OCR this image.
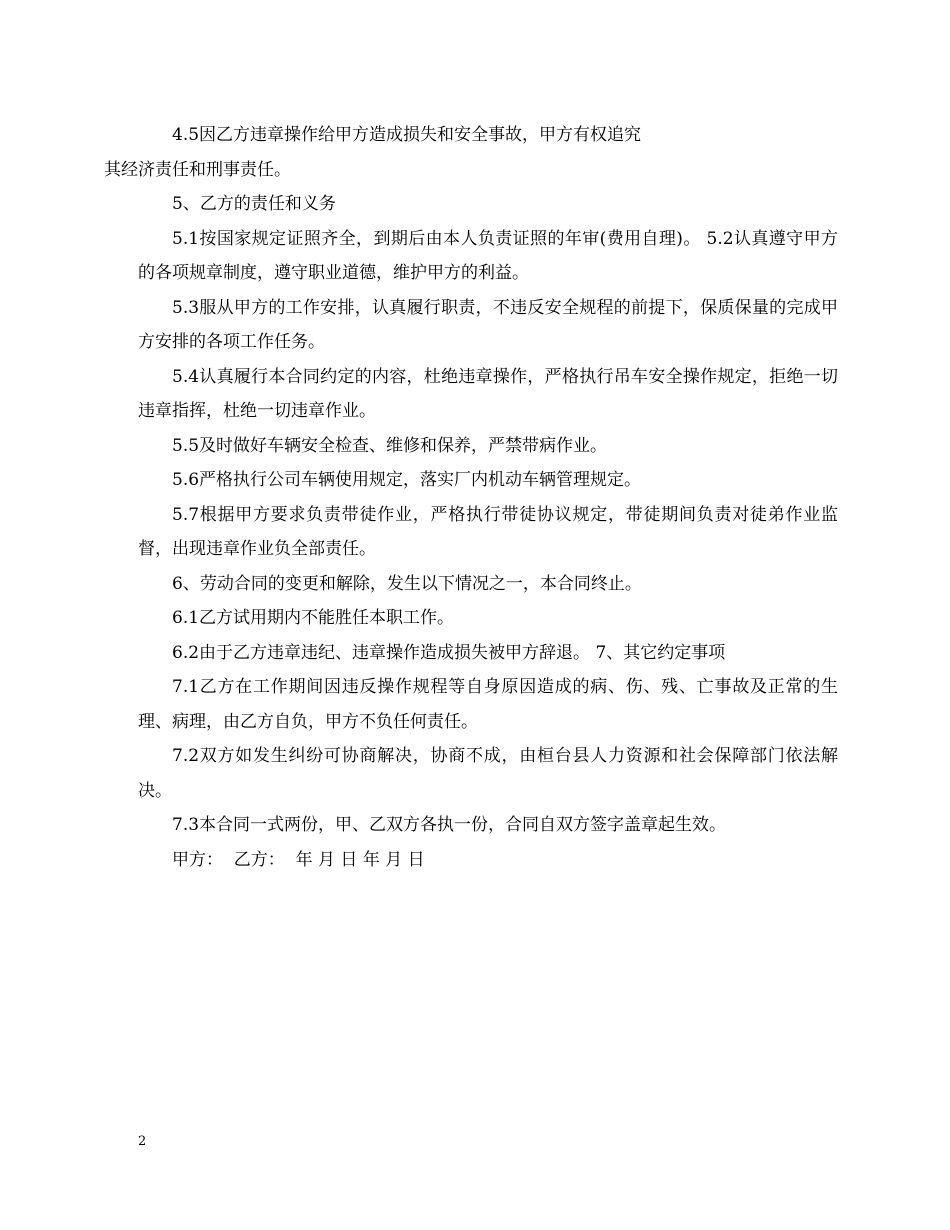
4.5因乙方违章操作给甲方造成损失和安全事故，甲方有权追究
其经济责任和刑事责任。

5、乙方的责任和义务

5.1按国家规定证照齐全，到期后由本人负责证照的年审(费用自理)。 5.2认真遵守甲方的各项规章制度，遵守职业道德，维护甲方的利益。

5.3服从甲方的工作安排，认真履行职责，不违反安全规程的前提下，保质保量的完成甲方安排的各项工作任务。

5.4认真履行本合同约定的内容，杜绝违章操作，严格执行吊车安全操作规定，拒绝一切违章指挥，杜绝一切违章作业。

5.5及时做好车辆安全检查、维修和保养，严禁带病作业。

5.6严格执行公司车辆使用规定，落实厂内机动车辆管理规定。

5.7根据甲方要求负责带徒作业，严格执行带徒协议规定，带徒期间负责对徒弟作业监督，出现违章作业负全部责任。

6、劳动合同的变更和解除，发生以下情况之一，本合同终止。

6.1乙方试用期内不能胜任本职工作。

6.2由于乙方违章违纪、违章操作造成损失被甲方辞退。 7、其它约定事项

7.1乙方在工作期间因违反操作规程等自身原因造成的病、伤、残、亡事故及正常的生理、病理，由乙方自负，甲方不负任何责任。

7.2双方如发生纠纷可协商解决，协商不成，由桓台县人力资源和社会保障部门依法解决。

7.3本合同一式两份，甲、乙双方各执一份，合同自双方签字盖章起生效。

甲方：  乙方：  年 月 日 年 月 日

2
